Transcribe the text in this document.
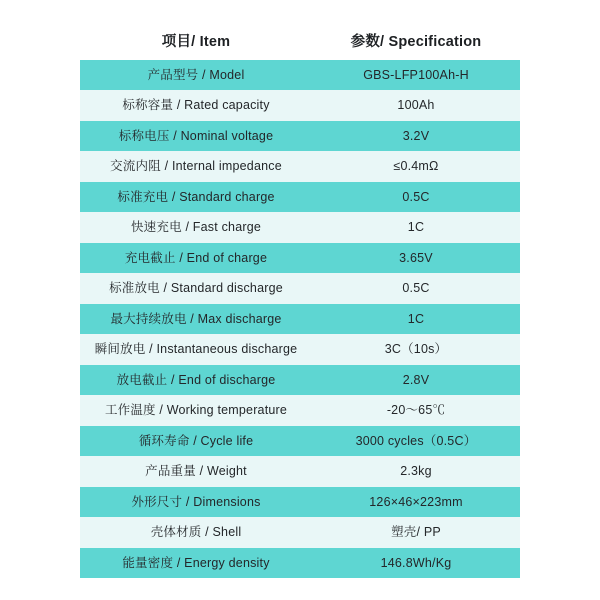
项目/ Item	参数/ Specification

产品型号 / Model	GBS-LFP100Ah-H

标称容量 / Rated capacity	100Ah

标称电压 / Nominal voltage	3.2V

交流内阻 / Internal impedance	≤0.4mΩ

标准充电 / Standard charge	0.5C

快速充电 / Fast charge	1C

充电截止 / End of charge	3.65V

标准放电 / Standard discharge	0.5C

最大持续放电 / Max discharge	1C

瞬间放电 / Instantaneous discharge	3C（10s）

放电截止 / End of discharge	2.8V

工作温度 / Working temperature	-20～65℃

循环寿命 / Cycle life	3000 cycles（0.5C）

产品重量 / Weight	2.3kg

外形尺寸 / Dimensions	126×46×223mm

壳体材质 / Shell	塑壳/ PP

能量密度 / Energy density	146.8Wh/Kg
